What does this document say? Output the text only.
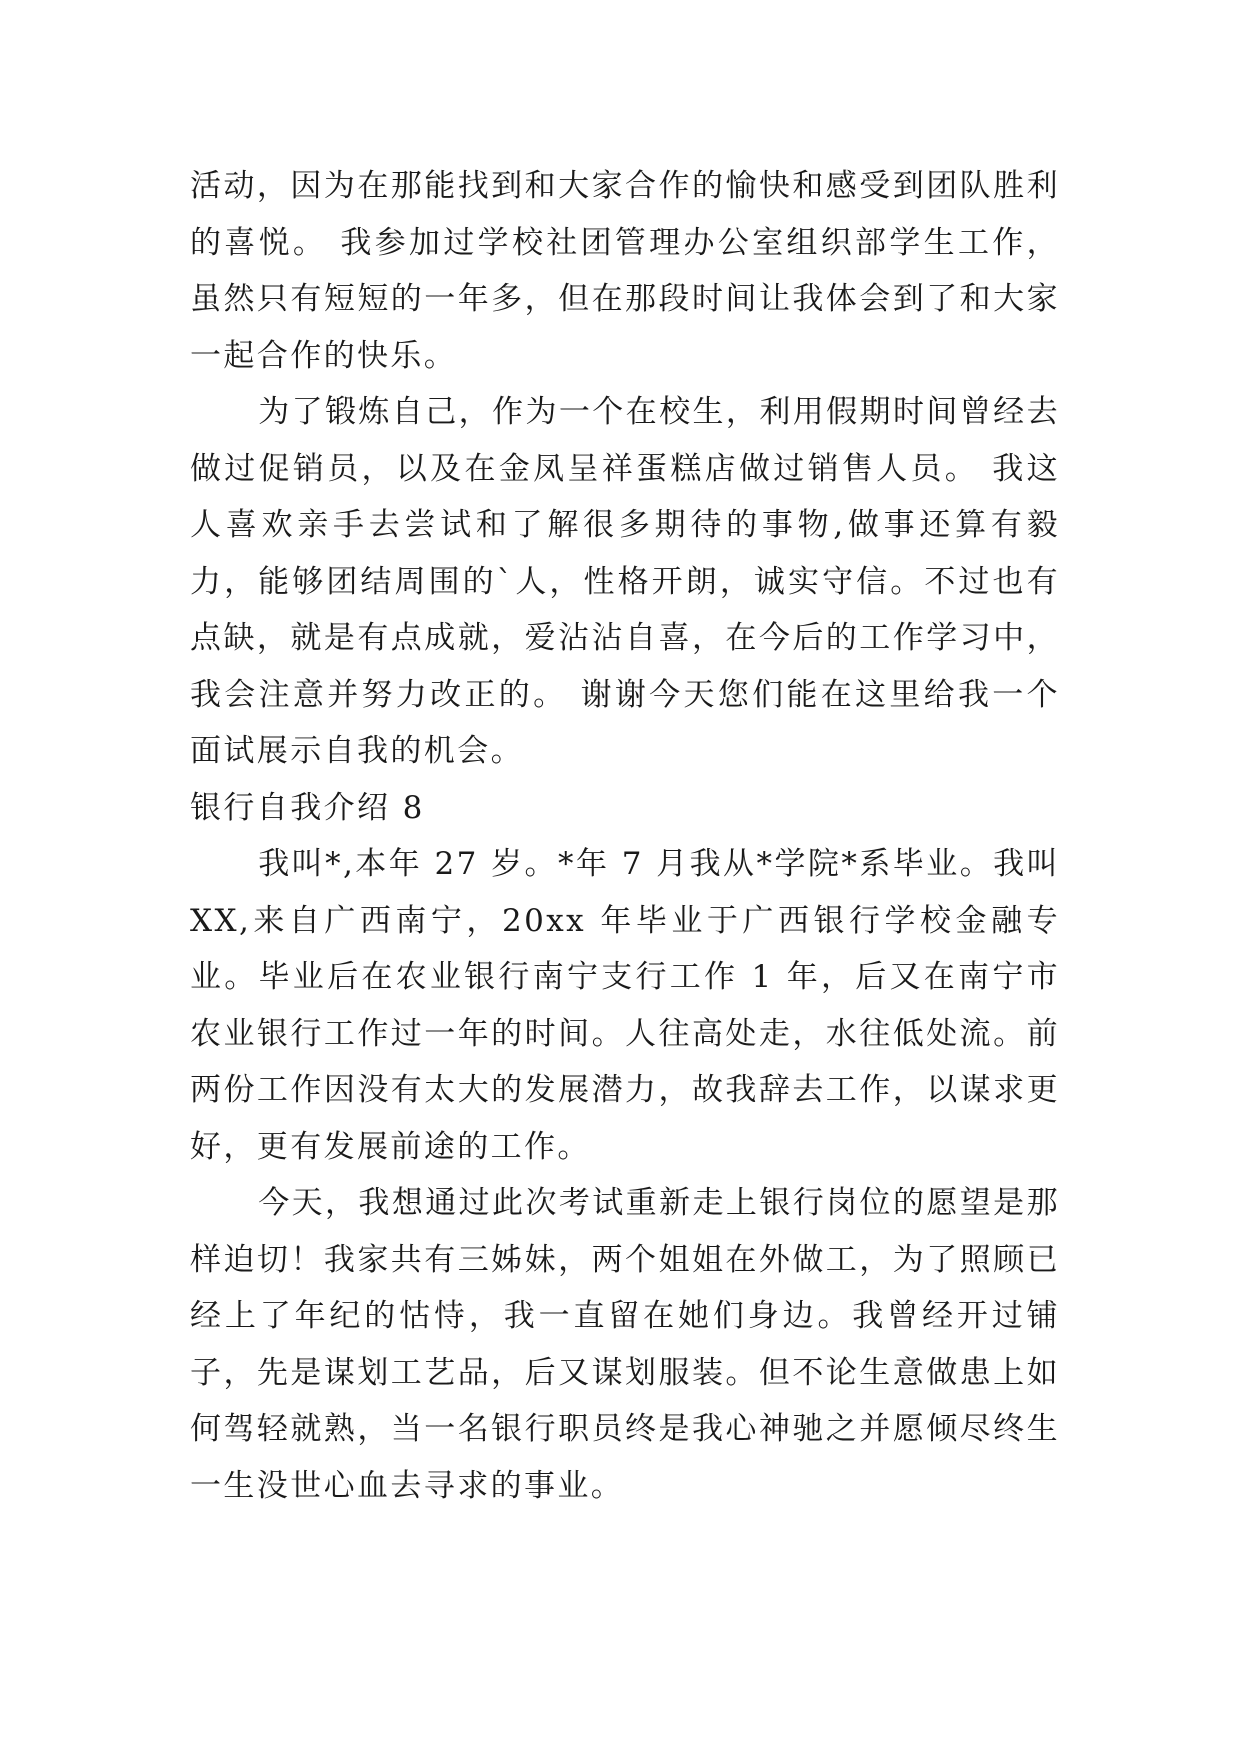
活动，因为在那能找到和大家合作的愉快和感受到团队胜利的喜悦。 我参加过学校社团管理办公室组织部学生工作，虽然只有短短的一年多，但在那段时间让我体会到了和大家一起合作的快乐。

为了锻炼自己，作为一个在校生，利用假期时间曾经去做过促销员，以及在金凤呈祥蛋糕店做过销售人员。 我这人喜欢亲手去尝试和了解很多期待的事物,做事还算有毅力，能够团结周围的`人，性格开朗，诚实守信。不过也有点缺，就是有点成就，爱沾沾自喜，在今后的工作学习中，我会注意并努力改正的。 谢谢今天您们能在这里给我一个面试展示自我的机会。

银行自我介绍 8

我叫*,本年 27 岁。*年 7 月我从*学院*系毕业。我叫 XX,来自广西南宁，20xx 年毕业于广西银行学校金融专业。毕业后在农业银行南宁支行工作 1 年，后又在南宁市农业银行工作过一年的时间。人往高处走，水往低处流。前两份工作因没有太大的发展潜力，故我辞去工作，以谋求更好，更有发展前途的工作。

今天，我想通过此次考试重新走上银行岗位的愿望是那样迫切！我家共有三姊妹，两个姐姐在外做工，为了照顾已经上了年纪的怙恃，我一直留在她们身边。我曾经开过铺子，先是谋划工艺品，后又谋划服装。但不论生意做患上如何驾轻就熟，当一名银行职员终是我心神驰之并愿倾尽终生一生没世心血去寻求的事业。
